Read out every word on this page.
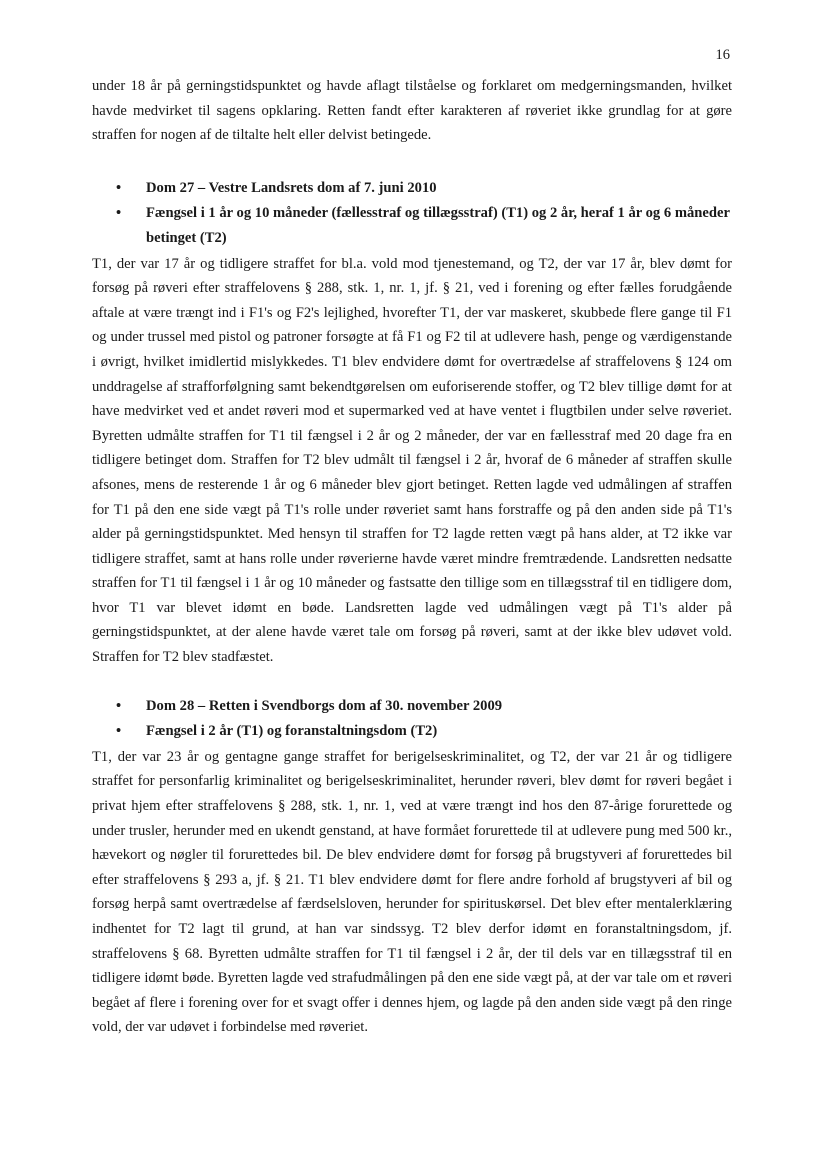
16

under 18 år på gerningstidspunktet og havde aflagt tilståelse og forklaret om medgerningsmanden, hvilket havde medvirket til sagens opklaring. Retten fandt efter karakteren af røveriet ikke grundlag for at gøre straffen for nogen af de tiltalte helt eller delvist betingede.

• Dom 27 – Vestre Landsrets dom af 7. juni 2010
• Fængsel i 1 år og 10 måneder (fællesstraf og tillægsstraf) (T1) og 2 år, heraf 1 år og 6 måneder betinget (T2)

T1, der var 17 år og tidligere straffet for bl.a. vold mod tjenestemand, og T2, der var 17 år, blev dømt for forsøg på røveri efter straffelovens § 288, stk. 1, nr. 1, jf. § 21, ved i forening og efter fælles forudgående aftale at være trængt ind i F1's og F2's lejlighed, hvorefter T1, der var maskeret, skubbede flere gange til F1 og under trussel med pistol og patroner forsøgte at få F1 og F2 til at udlevere hash, penge og værdigenstande i øvrigt, hvilket imidlertid mislykkedes. T1 blev endvidere dømt for overtrædelse af straffelovens § 124 om unddragelse af strafforfølgning samt bekendtgørelsen om euforiserende stoffer, og T2 blev tillige dømt for at have medvirket ved et andet røveri mod et supermarked ved at have ventet i flugtbilen under selve røveriet. Byretten udmålte straffen for T1 til fængsel i 2 år og 2 måneder, der var en fællesstraf med 20 dage fra en tidligere betinget dom. Straffen for T2 blev udmålt til fængsel i 2 år, hvoraf de 6 måneder af straffen skulle afsones, mens de resterende 1 år og 6 måneder blev gjort betinget. Retten lagde ved udmålingen af straffen for T1 på den ene side vægt på T1's rolle under røveriet samt hans forstraffe og på den anden side på T1's alder på gerningstidspunktet. Med hensyn til straffen for T2 lagde retten vægt på hans alder, at T2 ikke var tidligere straffet, samt at hans rolle under røverierne havde været mindre fremtrædende. Landsretten nedsatte straffen for T1 til fængsel i 1 år og 10 måneder og fastsatte den tillige som en tillægsstraf til en tidligere dom, hvor T1 var blevet idømt en bøde. Landsretten lagde ved udmålingen vægt på T1's alder på gerningstidspunktet, at der alene havde været tale om forsøg på røveri, samt at der ikke blev udøvet vold. Straffen for T2 blev stadfæstet.

• Dom 28 – Retten i Svendborgs dom af 30. november 2009
• Fængsel i 2 år (T1) og foranstaltningsdom (T2)

T1, der var 23 år og gentagne gange straffet for berigelseskriminalitet, og T2, der var 21 år og tidligere straffet for personfarlig kriminalitet og berigelseskriminalitet, herunder røveri, blev dømt for røveri begået i privat hjem efter straffelovens § 288, stk. 1, nr. 1, ved at være trængt ind hos den 87-årige forurettede og under trusler, herunder med en ukendt genstand, at have formået forurettede til at udlevere pung med 500 kr., hævekort og nøgler til forurettedes bil. De blev endvidere dømt for forsøg på brugstyveri af forurettedes bil efter straffelovens § 293 a, jf. § 21. T1 blev endvidere dømt for flere andre forhold af brugstyveri af bil og forsøg herpå samt overtrædelse af færdselsloven, herunder for spirituskørsel. Det blev efter mentalerklæring indhentet for T2 lagt til grund, at han var sindssyg. T2 blev derfor idømt en foranstaltningsdom, jf. straffelovens § 68. Byretten udmålte straffen for T1 til fængsel i 2 år, der til dels var en tillægsstraf til en tidligere idømt bøde. Byretten lagde ved strafudmålingen på den ene side vægt på, at der var tale om et røveri begået af flere i forening over for et svagt offer i dennes hjem, og lagde på den anden side vægt på den ringe vold, der var udøvet i forbindelse med røveriet.
